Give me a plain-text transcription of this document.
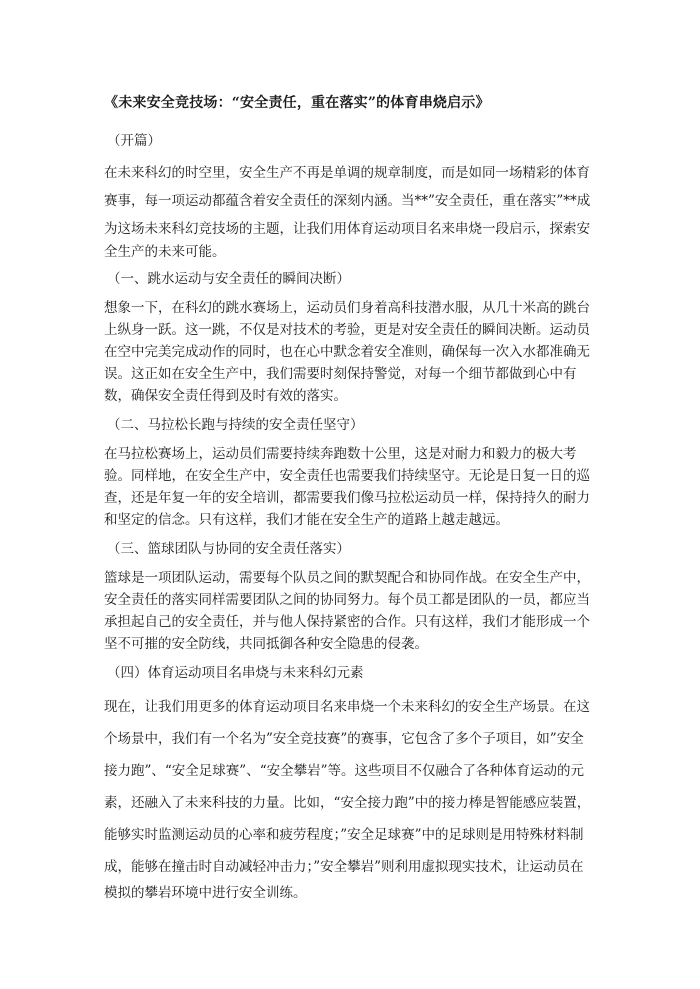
《未来安全竞技场：“安全责任，重在落实”的体育串烧启示》
（开篇）
在未来科幻的时空里，安全生产不再是单调的规章制度，而是如同一场精彩的体育
赛事，每一项运动都蕴含着安全责任的深刻内涵。当**”安全责任，重在落实”**成
为这场未来科幻竞技场的主题，让我们用体育运动项目名来串烧一段启示，探索安
全生产的未来可能。
（一、跳水运动与安全责任的瞬间决断）
想象一下，在科幻的跳水赛场上，运动员们身着高科技潜水服，从几十米高的跳台
上纵身一跃。这一跳，不仅是对技术的考验，更是对安全责任的瞬间决断。运动员
在空中完美完成动作的同时，也在心中默念着安全准则，确保每一次入水都准确无
误。这正如在安全生产中，我们需要时刻保持警觉，对每一个细节都做到心中有
数，确保安全责任得到及时有效的落实。
（二、马拉松长跑与持续的安全责任坚守）
在马拉松赛场上，运动员们需要持续奔跑数十公里，这是对耐力和毅力的极大考
验。同样地，在安全生产中，安全责任也需要我们持续坚守。无论是日复一日的巡
查，还是年复一年的安全培训，都需要我们像马拉松运动员一样，保持持久的耐力
和坚定的信念。只有这样，我们才能在安全生产的道路上越走越远。
（三、篮球团队与协同的安全责任落实）
篮球是一项团队运动，需要每个队员之间的默契配合和协同作战。在安全生产中，
安全责任的落实同样需要团队之间的协同努力。每个员工都是团队的一员，都应当
承担起自己的安全责任，并与他人保持紧密的合作。只有这样，我们才能形成一个
坚不可摧的安全防线，共同抵御各种安全隐患的侵袭。
（四）体育运动项目名串烧与未来科幻元素
现在，让我们用更多的体育运动项目名来串烧一个未来科幻的安全生产场景。在这
个场景中，我们有一个名为”安全竞技赛”的赛事，它包含了多个子项目，如”安全
接力跑”、“安全足球赛”、“安全攀岩”等。这些项目不仅融合了各种体育运动的元
素，还融入了未来科技的力量。比如，“安全接力跑”中的接力棒是智能感应装置，
能够实时监测运动员的心率和疲劳程度；”安全足球赛”中的足球则是用特殊材料制
成，能够在撞击时自动减轻冲击力；”安全攀岩”则利用虚拟现实技术，让运动员在
模拟的攀岩环境中进行安全训练。
